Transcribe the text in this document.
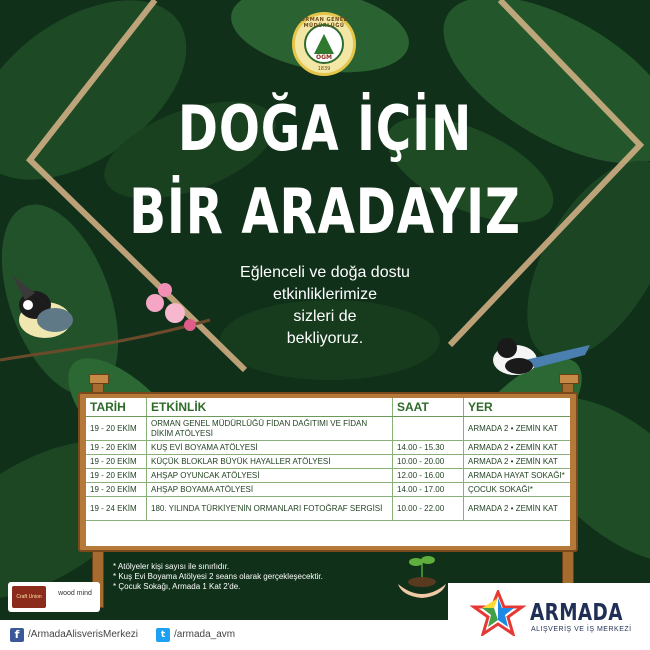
ORMAN GENEL MÜDÜRLÜĞÜ
OGM
1839
DOĞA İÇİN
BİR ARADAYIZ
Eğlenceli ve doğa dostu
etkinliklerimize
sizleri de
bekliyoruz.
TARİH	ETKİNLİK	SAAT	YER
19 - 20 EKİM	ORMAN GENEL MÜDÜRLÜĞÜ FİDAN DAĞITIMI VE FİDAN DİKİM ATÖLYESİ		ARMADA 2 • ZEMİN KAT
19 - 20 EKİM	KUŞ EVİ BOYAMA ATÖLYESİ	14.00 - 15.30	ARMADA 2 • ZEMİN KAT
19 - 20 EKİM	KÜÇÜK BLOKLAR BÜYÜK HAYALLER ATÖLYESİ	10.00 - 20.00	ARMADA 2 • ZEMİN KAT
19 - 20 EKİM	AHŞAP OYUNCAK ATÖLYESİ	12.00 - 16.00	ARMADA HAYAT SOKAĞI*
19 - 20 EKİM	AHŞAP BOYAMA ATÖLYESİ	14.00 - 17.00	ÇOCUK SOKAĞI*
19 - 24 EKİM	180. YILINDA TÜRKİYE'NİN ORMANLARI FOTOĞRAF SERGİSİ	10.00 - 22.00	ARMADA 2 • ZEMİN KAT
* Atölyeler kişi sayısı ile sınırlıdır.
* Kuş Evi Boyama Atölyesi 2 seans olarak gerçekleşecektir.
* Çocuk Sokağı, Armada 1 Kat 2'de.
Craft Union	wood mind
f /ArmadaAlisverisMerkezi	t /armada_avm
ARMADA
ALIŞVERİŞ VE İŞ MERKEZİ
